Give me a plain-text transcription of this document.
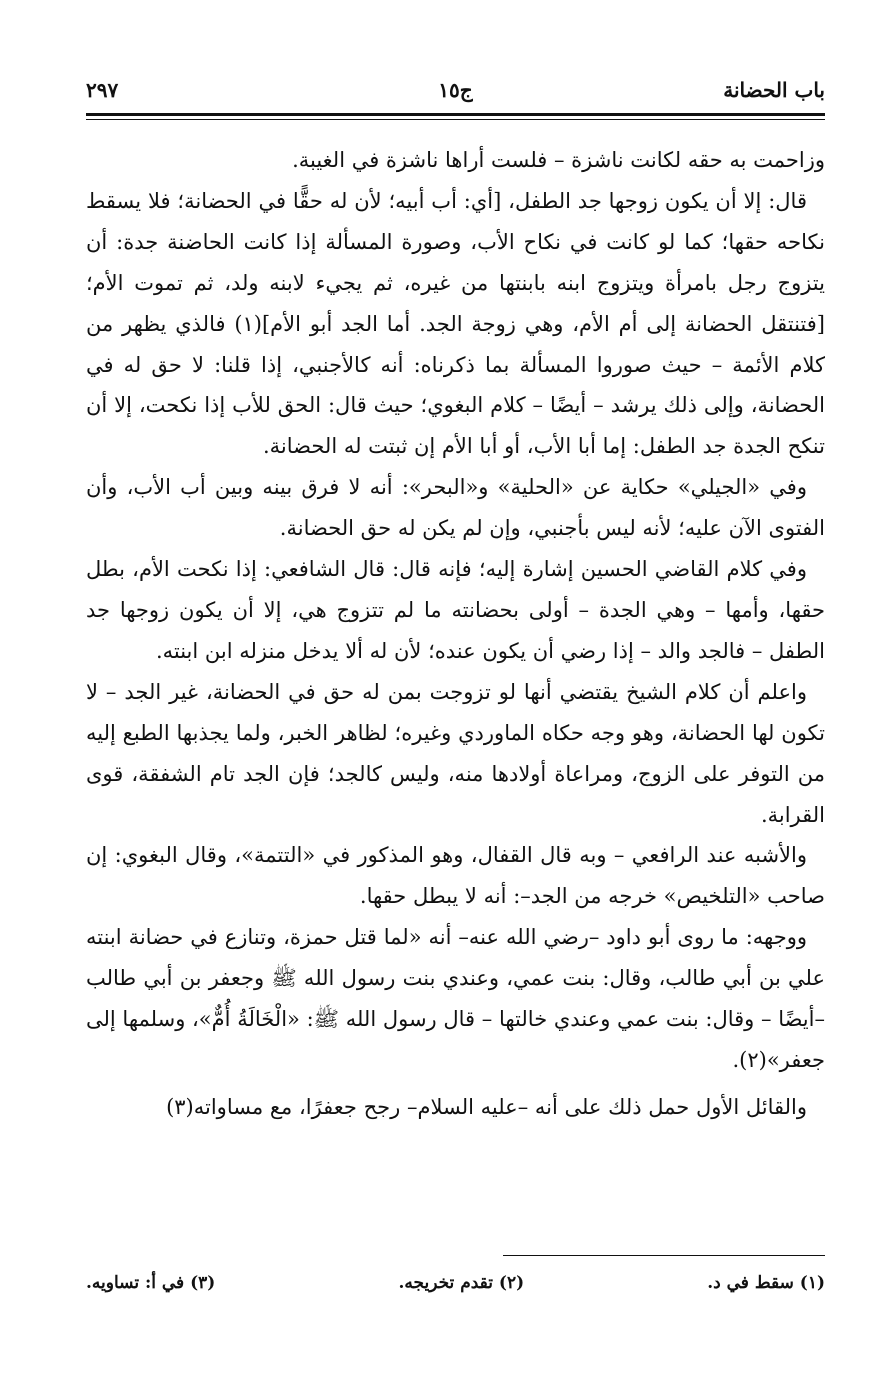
باب الحضانة
ج١٥
٢٩٧

وزاحمت به حقه لكانت ناشزة – فلست أراها ناشزة في الغيبة.

قال: إلا أن يكون زوجها جد الطفل، [أي: أب أبيه؛ لأن له حقًّا في الحضانة؛ فلا يسقط نكاحه حقها؛ كما لو كانت في نكاح الأب، وصورة المسألة إذا كانت الحاضنة جدة: أن يتزوج رجل بامرأة ويتزوج ابنه بابنتها من غيره، ثم يجيء لابنه ولد، ثم تموت الأم؛ [فتنتقل الحضانة إلى أم الأم، وهي زوجة الجد. أما الجد أبو الأم](١) فالذي يظهر من كلام الأئمة – حيث صوروا المسألة بما ذكرناه: أنه كالأجنبي، إذا قلنا: لا حق له في الحضانة، وإلى ذلك يرشد – أيضًا – كلام البغوي؛ حيث قال: الحق للأب إذا نكحت، إلا أن تنكح الجدة جد الطفل: إما أبا الأب، أو أبا الأم إن ثبتت له الحضانة.

وفي «الجيلي» حكاية عن «الحلية» و«البحر»: أنه لا فرق بينه وبين أب الأب، وأن الفتوى الآن عليه؛ لأنه ليس بأجنبي، وإن لم يكن له حق الحضانة.

وفي كلام القاضي الحسين إشارة إليه؛ فإنه قال: قال الشافعي: إذا نكحت الأم، بطل حقها، وأمها – وهي الجدة – أولى بحضانته ما لم تتزوج هي، إلا أن يكون زوجها جد الطفل – فالجد والد – إذا رضي أن يكون عنده؛ لأن له ألا يدخل منزله ابن ابنته.

واعلم أن كلام الشيخ يقتضي أنها لو تزوجت بمن له حق في الحضانة، غير الجد – لا تكون لها الحضانة، وهو وجه حكاه الماوردي وغيره؛ لظاهر الخبر، ولما يجذبها الطبع إليه من التوفر على الزوج، ومراعاة أولادها منه، وليس كالجد؛ فإن الجد تام الشفقة، قوى القرابة.

والأشبه عند الرافعي – وبه قال القفال، وهو المذكور في «التتمة»، وقال البغوي: إن صاحب «التلخيص» خرجه من الجد–: أنه لا يبطل حقها.

ووجهه: ما روى أبو داود –رضي الله عنه– أنه «لما قتل حمزة، وتنازع في حضانة ابنته علي بن أبي طالب، وقال: بنت عمي، وعندي بنت رسول الله ﷺ وجعفر بن أبي طالب –أيضًا – وقال: بنت عمي وعندي خالتها – قال رسول الله ﷺ: «الْخَالَةُ أُمٌّ»، وسلمها إلى جعفر»(٢).

والقائل الأول حمل ذلك على أنه –عليه السلام– رجح جعفرًا، مع مساواته(٣)

(١) سقط في د.
(٢) تقدم تخريجه.
(٣) في أ: تساويه.
